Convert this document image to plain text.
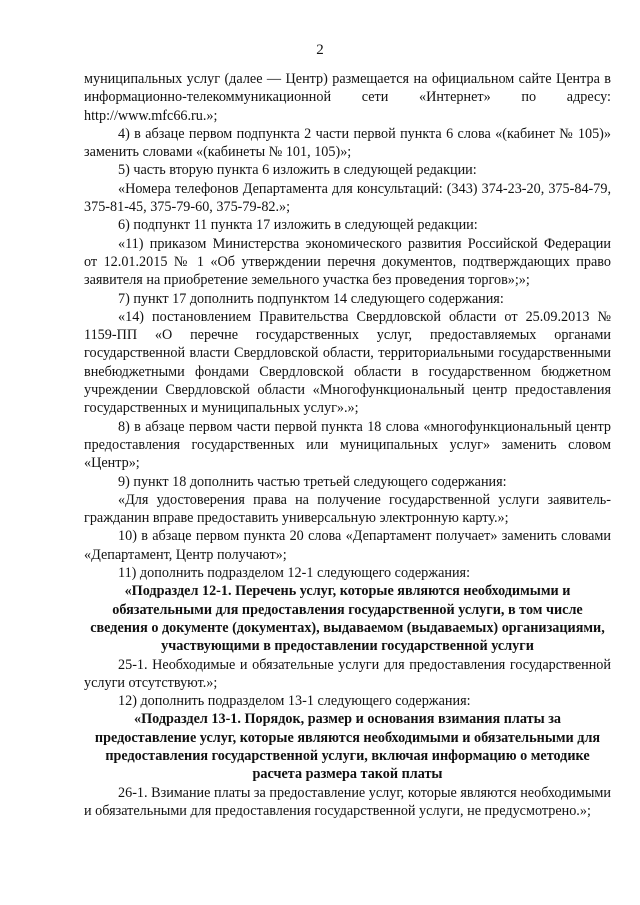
2

муниципальных услуг (далее — Центр) размещается на официальном сайте Центра в информационно-телекоммуникационной сети «Интернет» по адресу: http://www.mfc66.ru.»;

4) в абзаце первом подпункта 2 части первой пункта 6 слова «(кабинет № 105)» заменить словами «(кабинеты № 101, 105)»;

5) часть вторую пункта 6 изложить в следующей редакции:

«Номера телефонов Департамента для консультаций: (343) 374-23-20, 375-84-79, 375-81-45, 375-79-60, 375-79-82.»;

6) подпункт 11 пункта 17 изложить в следующей редакции:

«11) приказом Министерства экономического развития Российской Федерации от 12.01.2015 № 1 «Об утверждении перечня документов, подтверждающих право заявителя на приобретение земельного участка без проведения торгов»;»;

7) пункт 17 дополнить подпунктом 14 следующего содержания:

«14) постановлением Правительства Свердловской области от 25.09.2013 № 1159-ПП «О перечне государственных услуг, предоставляемых органами государственной власти Свердловской области, территориальными государственными внебюджетными фондами Свердловской области в государственном бюджетном учреждении Свердловской области «Многофункциональный центр предоставления государственных и муниципальных услуг».»;

8) в абзаце первом части первой пункта 18 слова «многофункциональный центр предоставления государственных или муниципальных услуг» заменить словом «Центр»;

9) пункт 18 дополнить частью третьей следующего содержания:

«Для удостоверения права на получение государственной услуги заявитель-гражданин вправе предоставить универсальную электронную карту.»;

10) в абзаце первом пункта 20 слова «Департамент получает» заменить словами «Департамент, Центр получают»;

11) дополнить подразделом 12-1 следующего содержания:

«Подраздел 12-1. Перечень услуг, которые являются необходимыми и обязательными для предоставления государственной услуги, в том числе сведения о документе (документах), выдаваемом (выдаваемых) организациями, участвующими в предоставлении государственной услуги

25-1. Необходимые и обязательные услуги для предоставления государственной услуги отсутствуют.»;

12) дополнить подразделом 13-1 следующего содержания:

«Подраздел 13-1. Порядок, размер и основания взимания платы за предоставление услуг, которые являются необходимыми и обязательными для предоставления государственной услуги, включая информацию о методике расчета размера такой платы

26-1. Взимание платы за предоставление услуг, которые являются необходимыми и обязательными для предоставления государственной услуги, не предусмотрено.»;
